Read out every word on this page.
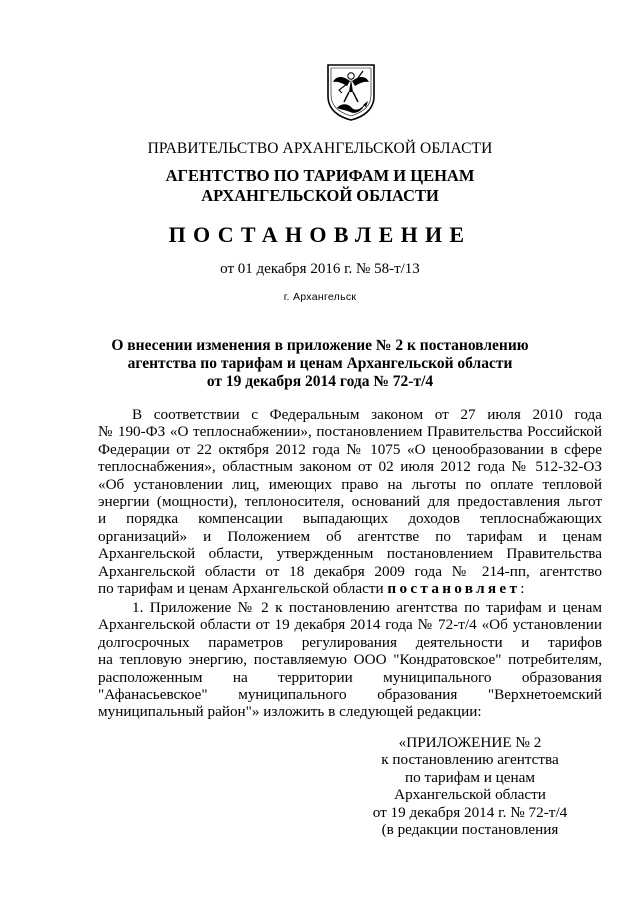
ПРАВИТЕЛЬСТВО АРХАНГЕЛЬСКОЙ ОБЛАСТИ
АГЕНТСТВО ПО ТАРИФАМ И ЦЕНАМ
АРХАНГЕЛЬСКОЙ ОБЛАСТИ
ПОСТАНОВЛЕНИЕ
от 01 декабря 2016 г. № 58-т/13
г. Архангельск
О внесении изменения в приложение № 2 к постановлению
агентства по тарифам и ценам Архангельской области
от 19 декабря 2014 года № 72-т/4
В соответствии с Федеральным законом от 27 июля 2010 года
№ 190-ФЗ «О теплоснабжении», постановлением Правительства Российской
Федерации от 22 октября 2012 года № 1075 «О ценообразовании в сфере
теплоснабжения», областным законом от 02 июля 2012 года № 512-32-ОЗ
«Об установлении лиц, имеющих право на льготы по оплате тепловой
энергии (мощности), теплоносителя, оснований для предоставления льгот
и порядка компенсации выпадающих доходов теплоснабжающих
организаций» и Положением об агентстве по тарифам и ценам
Архангельской области, утвержденным постановлением Правительства
Архангельской области от 18 декабря 2009 года № 214-пп, агентство
по тарифам и ценам Архангельской области постановляет:
1. Приложение № 2 к постановлению агентства по тарифам и ценам
Архангельской области от 19 декабря 2014 года № 72-т/4 «Об установлении
долгосрочных параметров регулирования деятельности и тарифов
на тепловую энергию, поставляемую ООО "Кондратовское" потребителям,
расположенным на территории муниципального образования
"Афанасьевское" муниципального образования "Верхнетоемский
муниципальный район"» изложить в следующей редакции:
«ПРИЛОЖЕНИЕ № 2
к постановлению агентства
по тарифам и ценам
Архангельской области
от 19 декабря 2014 г. № 72-т/4
(в редакции постановления
